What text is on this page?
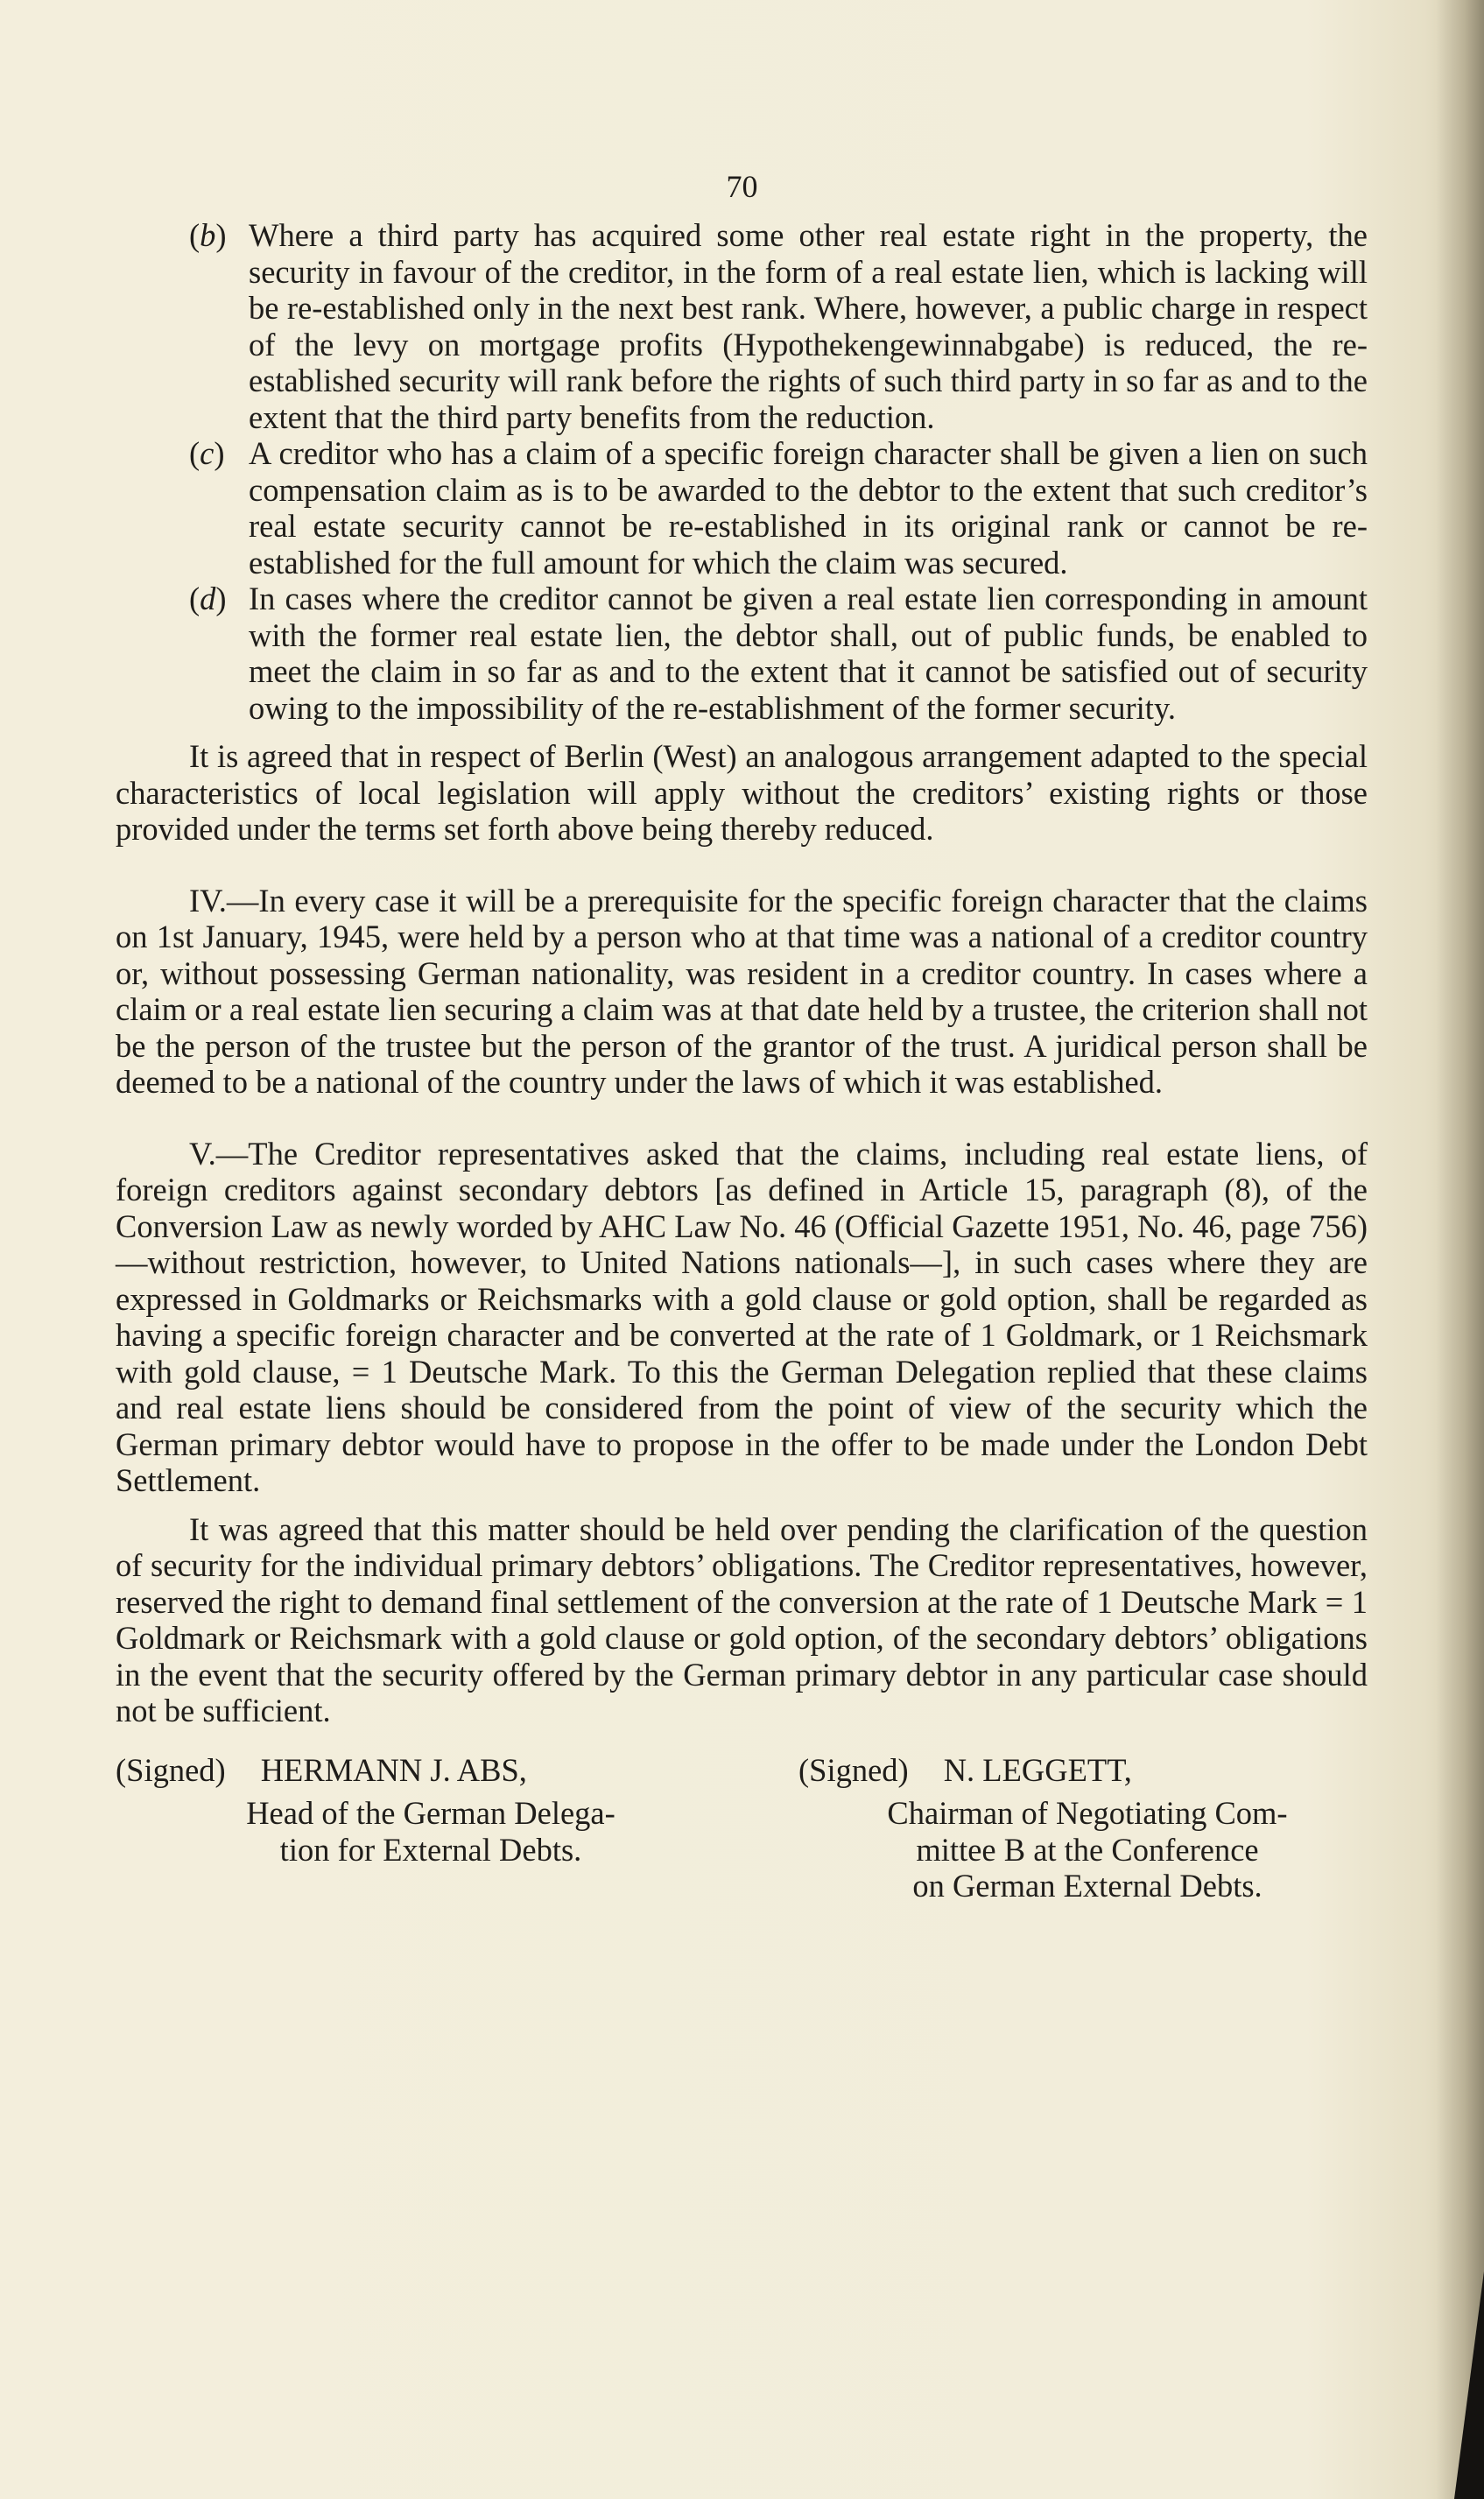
70
(b) Where a third party has acquired some other real estate right in the property, the security in favour of the creditor, in the form of a real estate lien, which is lacking will be re-established only in the next best rank. Where, however, a public charge in respect of the levy on mortgage profits (Hypothekengewinnabgabe) is reduced, the re-established security will rank before the rights of such third party in so far as and to the extent that the third party benefits from the reduction.
(c) A creditor who has a claim of a specific foreign character shall be given a lien on such compensation claim as is to be awarded to the debtor to the extent that such creditor’s real estate security cannot be re-established in its original rank or cannot be re-established for the full amount for which the claim was secured.
(d) In cases where the creditor cannot be given a real estate lien corresponding in amount with the former real estate lien, the debtor shall, out of public funds, be enabled to meet the claim in so far as and to the extent that it cannot be satisfied out of security owing to the impossibility of the re-establishment of the former security.

It is agreed that in respect of Berlin (West) an analogous arrangement adapted to the special characteristics of local legislation will apply without the creditors’ existing rights or those provided under the terms set forth above being thereby reduced.

IV.—In every case it will be a prerequisite for the specific foreign character that the claims on 1st January, 1945, were held by a person who at that time was a national of a creditor country or, without possessing German nationality, was resident in a creditor country. In cases where a claim or a real estate lien securing a claim was at that date held by a trustee, the criterion shall not be the person of the trustee but the person of the grantor of the trust. A juridical person shall be deemed to be a national of the country under the laws of which it was established.

V.—The Creditor representatives asked that the claims, including real estate liens, of foreign creditors against secondary debtors [as defined in Article 15, paragraph (8), of the Conversion Law as newly worded by AHC Law No. 46 (Official Gazette 1951, No. 46, page 756)—without restriction, however, to United Nations nationals—], in such cases where they are expressed in Goldmarks or Reichsmarks with a gold clause or gold option, shall be regarded as having a specific foreign character and be converted at the rate of 1 Goldmark, or 1 Reichsmark with gold clause, = 1 Deutsche Mark. To this the German Delegation replied that these claims and real estate liens should be considered from the point of view of the security which the German primary debtor would have to propose in the offer to be made under the London Debt Settlement.

It was agreed that this matter should be held over pending the clarification of the question of security for the individual primary debtors’ obligations. The Creditor representatives, however, reserved the right to demand final settlement of the conversion at the rate of 1 Deutsche Mark = 1 Goldmark or Reichsmark with a gold clause or gold option, of the secondary debtors’ obligations in the event that the security offered by the German primary debtor in any particular case should not be sufficient.

(Signed) HERMANN J. ABS,
Head of the German Delega-
tion for External Debts.
(Signed) N. LEGGETT,
Chairman of Negotiating Com-
mittee B at the Conference
on German External Debts.
